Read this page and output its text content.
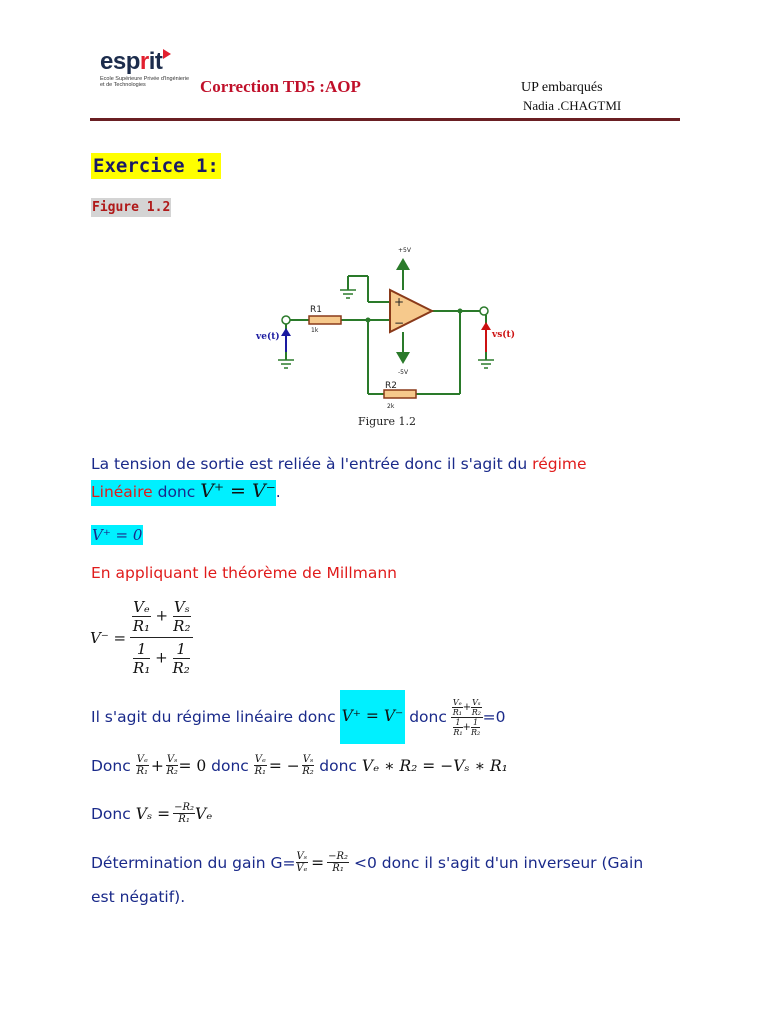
esprit
Ecole Supérieure Privée d'Ingénierie et de Technologies	Correction TD5 :AOP	UP embarqués
Nadia .CHAGTMI
Exercice 1:
Figure 1.2
+
−
+5V
-5V
R1
1k
R2
2k
ve(t)	vs(t)
Figure 1.2
La tension de sortie est reliée à l'entrée donc il s'agit du régime
Linéaire donc V⁺ = V⁻.
V⁺ = 0
En appliquant le théorème de Millmann
$V^- = \frac{\frac{\text{Vₑ}}{\text{R₁}} + \frac{\text{Vₛ}}{\text{R₂}}}{\frac{1}{\text{R₁}} + \frac{1}{\text{R₂}}}$
Il s'agit du régime linéaire donc V⁺ = V⁻ donc $\frac{\frac{\text{Vₑ}}{\text{R₁}} + \frac{\text{Vₛ}}{\text{R₂}}}{\frac{1}{\text{R₁}} + \frac{1}{\text{R₂}}} =0$
Donc $\frac{\text{Vₑ}}{\text{R₁}} + \frac{\text{Vₛ}}{\text{R₂}} = 0$ donc $\frac{\text{Vₑ}}{\text{R₁}}$ = − $\frac{\text{Vₛ}}{\text{R₂}}$ donc Vₑ ∗ R₂ = −Vₛ ∗ R₁
Donc $V_s = \frac{\text{−R₂}}{\text{R₁}}$ Vₑ
Détermination du gain $G= \frac{\text{Vₛ}}{\text{Vₑ}} = \frac{\text{−R₂}}{\text{R₁}} <0$ donc il s'agit d'un inverseur (Gain
est négatif).
